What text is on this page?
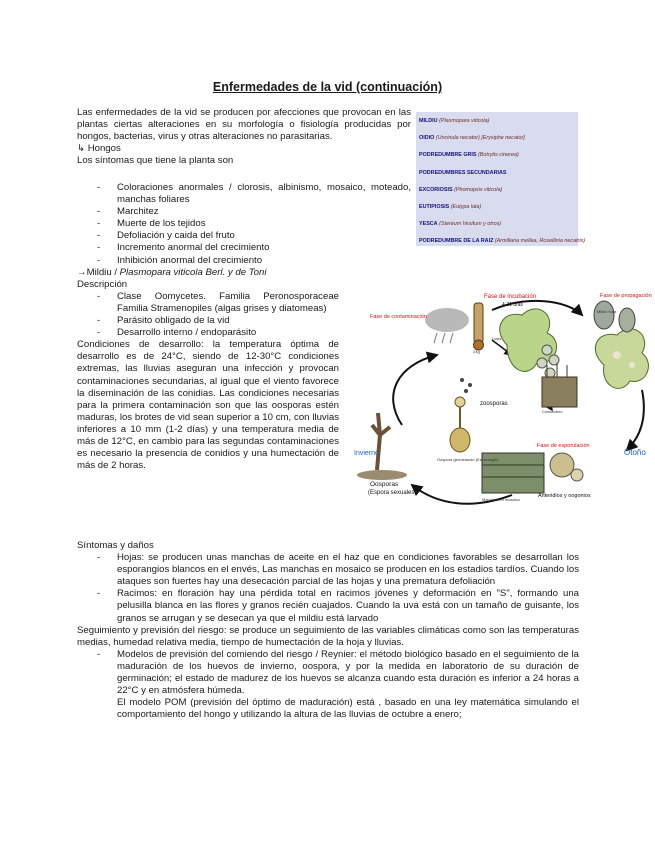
Enfermedades de la vid (continuación)

Las enfermedades de la vid se producen por afecciones que provocan en las plantas ciertas alteraciones en su morfología o fisiología producidas por hongos, bacterias, virus y otras alteraciones no parasitarias.

↳ Hongos

Los síntomas que tiene la planta son

MILDIU (Plasmopara viticola)
OIDIO (Uncinula necator) [Erysiphe necator]
PODREDUMBRE GRIS (Botrytis cinerea)
PODREDUMBRES SECUNDARIAS
EXCORIOSIS (Phomopsis viticola)
EUTIPIOSIS (Eutypa lata)
YESCA (Stereum hirsitum y otros)
PODREDUMBRE DE LA RAIZ (Armillaria mellea, Rosellinia necatrix)
- Coloraciones anormales / clorosis, albinismo, mosaico, moteado, manchas foliares
- Marchitez
- Muerte de los tejidos
- Defoliación y caida del fruto
- Incremento anormal del crecimiento
- Inhibición anormal del crecimiento

→Mildiu / Plasmopara viticola Berl. y de Toni

Descripción

- Clase Oomycetes. Familia Peronosporaceae Familia Stramenopiles (algas grises y diatomeas)
- Parásito obligado de la vid
- Desarrollo interno / endoparásito

Condiciones de desarrollo: la temperatura óptima de desarrollo es de 24°C, siendo de 12-30°C condiciones extremas, las lluvias aseguran una infección y provocan contaminaciones secundarias, al igual que el viento favorece la diseminación de las conidias. Las condiciones necesarias para la primera contaminación son que las oosporas estén maduras, los brotes de vid sean superior a 10 cm, con lluvias inferiores a 10 mm (1-2 días) y una temperatura media de más de 12°C, en cambio para las segundas contaminaciones es necesario la presencia de conidios y una humectación de más de 2 horas.

Síntomas y daños

- Hojas: se producen unas manchas de aceite en el haz que en condiciones favorables se desarrollan los esporangios blancos en el envés, Las manchas en mosaico se producen en los estadios tardíos. Cuando los ataques son fuertes hay una desecación parcial de las hojas y una prematura defoliación
- Racimos: en floración hay una pérdida total en racimos jóvenes y deformación en "S", formando una pelusilla blanca en las flores y granos recién cuajados. Cuando la uva está con un tamaño de guisante, los granos se arrugan y se desecan ya que el mildiu está larvado

Seguimiento y previsión del riesgo: se produce un seguimiento de las variables climáticas como son las temperaturas medias, humedad relativa media, tiempo de humectación de la hoja y lluvias.

- Modelos de previsión del comiendo del riesgo / Reynier: el método biológico basado en el seguimiento de la maduración de los huevos de invierno, oospora, y por la medida en laboratorio de su duración de germinación; el estado de madurez de los huevos se alcanza cuando esta duración es inferior a 24 horas a 22°C y en atmósfera húmeda.
El modelo POM (previsión del óptimo de maduración) está , basado en una ley matemática simulando el comportamiento del hongo y utilizando la altura de las lluvias de octubre a enero;
Fase de incubación
4-21 días
Fase de propagación
Mildiu hoja
Fase de contaminación
24g
Lluvia
zoosporas
Conidióforo
Oospora germinando (Esporangio)
Fase de esporulación
Invierno	Otoño
Oosporas
(Espora sexuales)
Manchas en mosaico
Anteridios y oogonios
